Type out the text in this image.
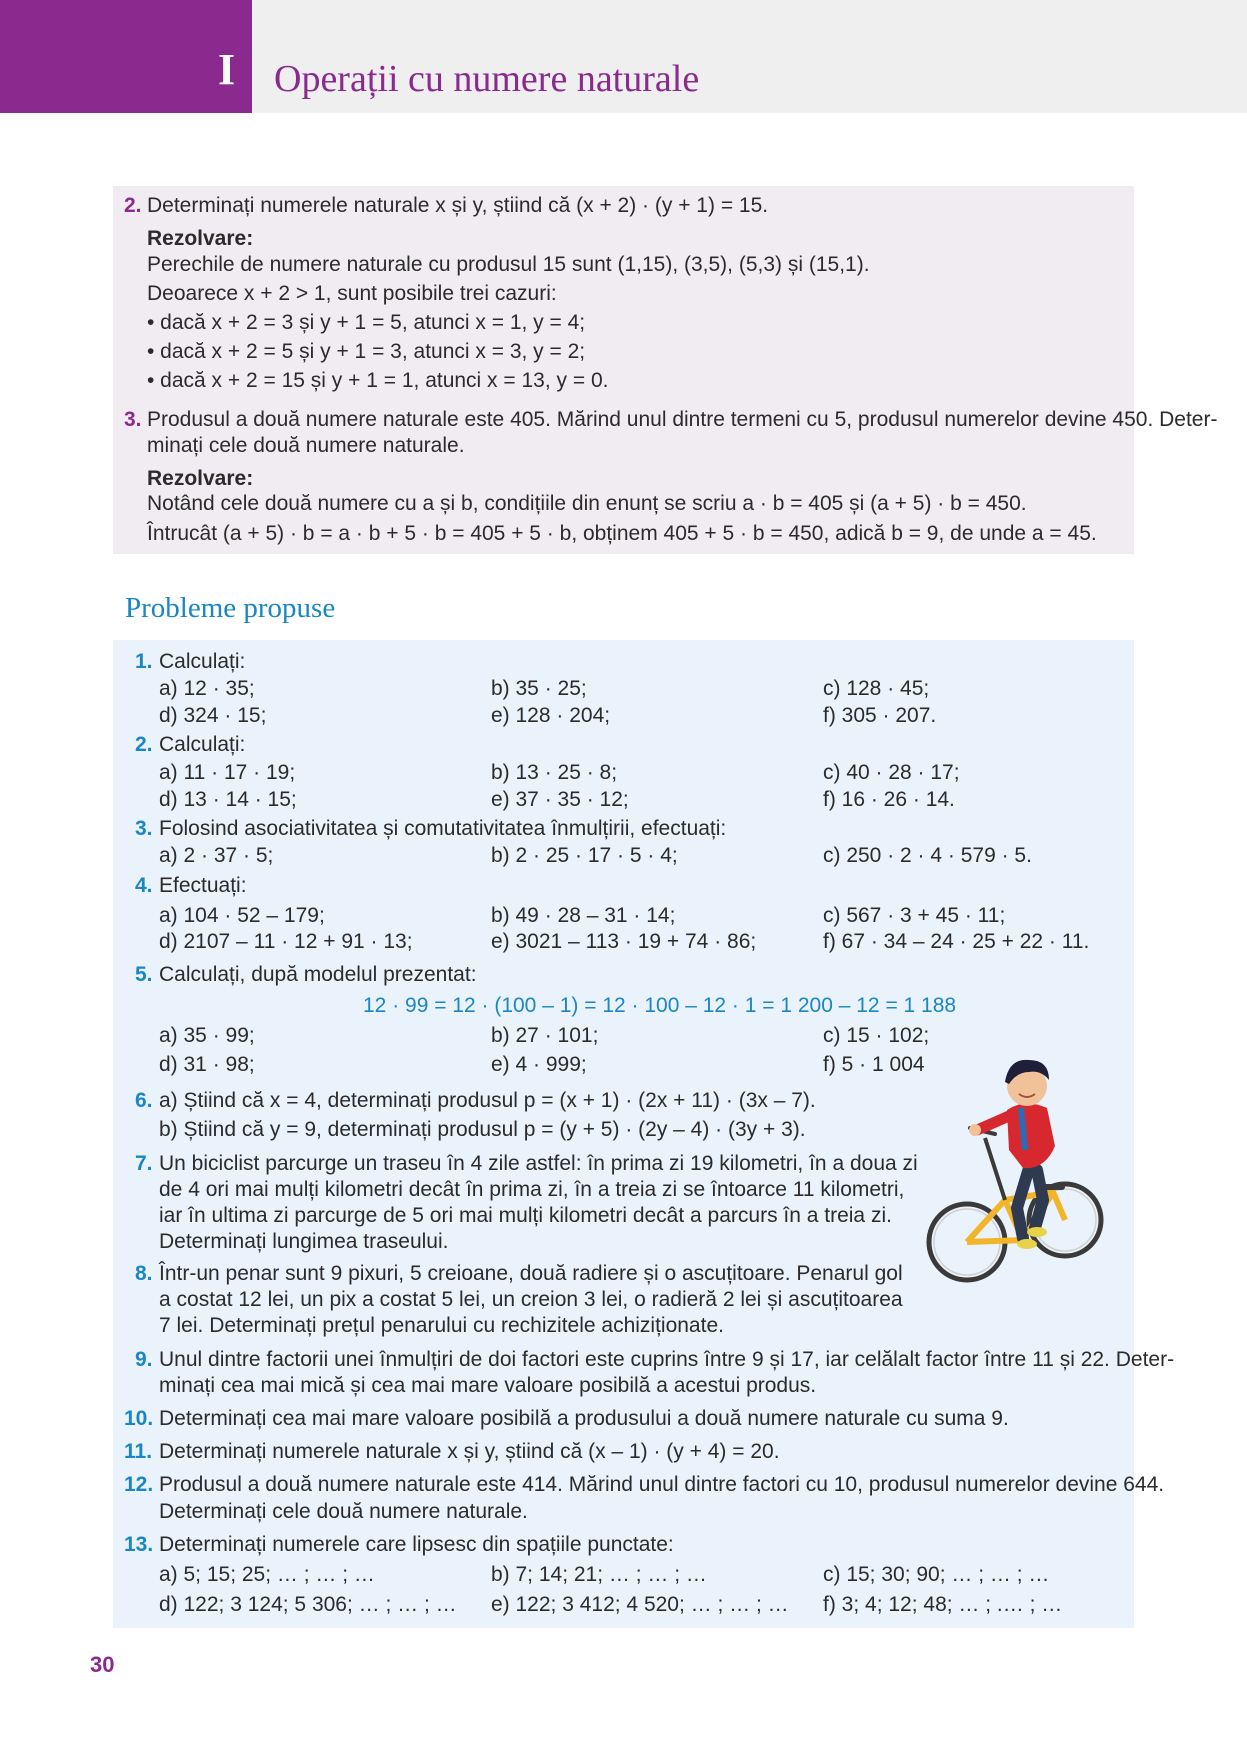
I Operații cu numere naturale
2. Determinați numerele naturale x și y, știind că (x + 2) · (y + 1) = 15.
Rezolvare:
Perechile de numere naturale cu produsul 15 sunt (1,15), (3,5), (5,3) și (15,1).
Deoarece x + 2 > 1, sunt posibile trei cazuri:
• dacă x + 2 = 3 și y + 1 = 5, atunci x = 1, y = 4;
• dacă x + 2 = 5 și y + 1 = 3, atunci x = 3, y = 2;
• dacă x + 2 = 15 și y + 1 = 1, atunci x = 13, y = 0.
3. Produsul a două numere naturale este 405. Mărind unul dintre termeni cu 5, produsul numerelor devine 450. Deter-
minați cele două numere naturale.
Rezolvare:
Notând cele două numere cu a și b, condițiile din enunț se scriu a · b = 405 și (a + 5) · b = 450.
Întrucât (a + 5) · b = a · b + 5 · b = 405 + 5 · b, obținem 405 + 5 · b = 450, adică b = 9, de unde a = 45.
Probleme propuse
1. Calculați:
a) 12 · 35;	b) 35 · 25;	c) 128 · 45;
d) 324 · 15;	e) 128 · 204;	f) 305 · 207.
2. Calculați:
a) 11 · 17 · 19;	b) 13 · 25 · 8;	c) 40 · 28 · 17;
d) 13 · 14 · 15;	e) 37 · 35 · 12;	f) 16 · 26 · 14.
3. Folosind asociativitatea și comutativitatea înmulțirii, efectuați:
a) 2 · 37 · 5;	b) 2 · 25 · 17 · 5 · 4;	c) 250 · 2 · 4 · 579 · 5.
4. Efectuați:
a) 104 · 52 – 179;	b) 49 · 28 – 31 · 14;	c) 567 · 3 + 45 · 11;
d) 2107 – 11 · 12 + 91 · 13;	e) 3021 – 113 · 19 + 74 · 86;	f) 67 · 34 – 24 · 25 + 22 · 11.
5. Calculați, după modelul prezentat:
12 · 99 = 12 · (100 – 1) = 12 · 100 – 12 · 1 = 1 200 – 12 = 1 188
a) 35 · 99;	b) 27 · 101;	c) 15 · 102;
d) 31 · 98;	e) 4 · 999;	f) 5 · 1 004
6. a) Știind că x = 4, determinați produsul p = (x + 1) · (2x + 11) · (3x – 7).
b) Știind că y = 9, determinați produsul p = (y + 5) · (2y – 4) · (3y + 3).
7. Un biciclist parcurge un traseu în 4 zile astfel: în prima zi 19 kilometri, în a doua zi
de 4 ori mai mulți kilometri decât în prima zi, în a treia zi se întoarce 11 kilometri,
iar în ultima zi parcurge de 5 ori mai mulți kilometri decât a parcurs în a treia zi.
Determinați lungimea traseului.
8. Într-un penar sunt 9 pixuri, 5 creioane, două radiere și o ascuțitoare. Penarul gol
a costat 12 lei, un pix a costat 5 lei, un creion 3 lei, o radieră 2 lei și ascuțitoarea
7 lei. Determinați prețul penarului cu rechizitele achiziționate.
9. Unul dintre factorii unei înmulțiri de doi factori este cuprins între 9 și 17, iar celălalt factor între 11 și 22. Deter-
minați cea mai mică și cea mai mare valoare posibilă a acestui produs.
10. Determinați cea mai mare valoare posibilă a produsului a două numere naturale cu suma 9.
11. Determinați numerele naturale x și y, știind că (x – 1) · (y + 4) = 20.
12. Produsul a două numere naturale este 414. Mărind unul dintre factori cu 10, produsul numerelor devine 644.
Determinați cele două numere naturale.
13. Determinați numerele care lipsesc din spațiile punctate:
a) 5; 15; 25; … ; … ; …	b) 7; 14; 21; … ; … ; …	c) 15; 30; 90; … ; … ; …
d) 122; 3 124; 5 306; … ; … ; … e) 122; 3 412; 4 520; … ; … ; … f) 3; 4; 12; 48; … ; .… ; …
30
